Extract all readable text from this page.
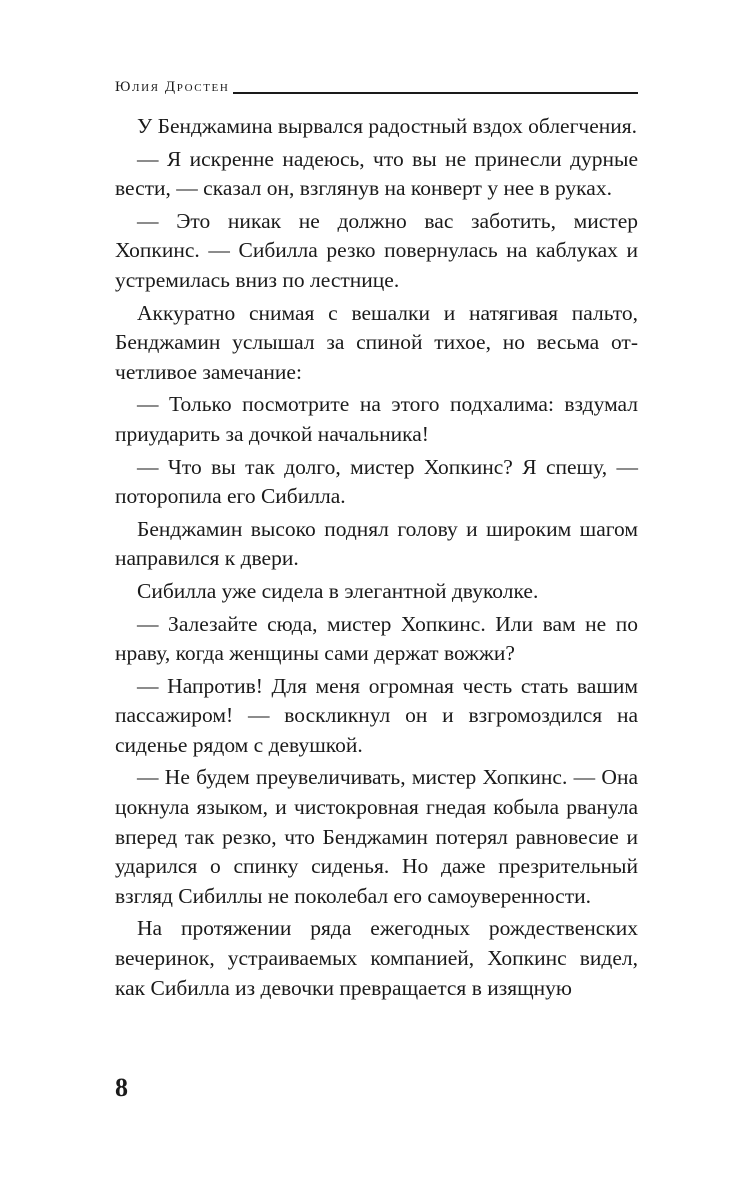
Юлия Дростен

У Бенджамина вырвался радостный вздох облегчения.

— Я искренне надеюсь, что вы не принесли дурные вести, — сказал он, взглянув на конверт у нее в руках.

— Это никак не должно вас заботить, мистер Хопкинс. — Сибилла резко повернулась на каблуках и устремилась вниз по лестнице.

Аккуратно снимая с вешалки и натягивая пальто, Бенджамин услышал за спиной тихое, но весьма отчетливое замечание:

— Только посмотрите на этого подхалима: вздумал приударить за дочкой начальника!

— Что вы так долго, мистер Хопкинс? Я спешу, — поторопила его Сибилла.

Бенджамин высоко поднял голову и широким шагом направился к двери.

Сибилла уже сидела в элегантной двуколке.

— Залезайте сюда, мистер Хопкинс. Или вам не по нраву, когда женщины сами держат вожжи?

— Напротив! Для меня огромная честь стать вашим пассажиром! — воскликнул он и взгромоздился на сиденье рядом с девушкой.

— Не будем преувеличивать, мистер Хопкинс. — Она цокнула языком, и чистокровная гнедая кобыла рванула вперед так резко, что Бенджамин потерял равновесие и ударился о спинку сиденья. Но даже презрительный взгляд Сибиллы не поколебал его самоуверенности.

На протяжении ряда ежегодных рождественских вечеринок, устраиваемых компанией, Хопкинс видел, как Сибилла из девочки превращается в изящную

8
